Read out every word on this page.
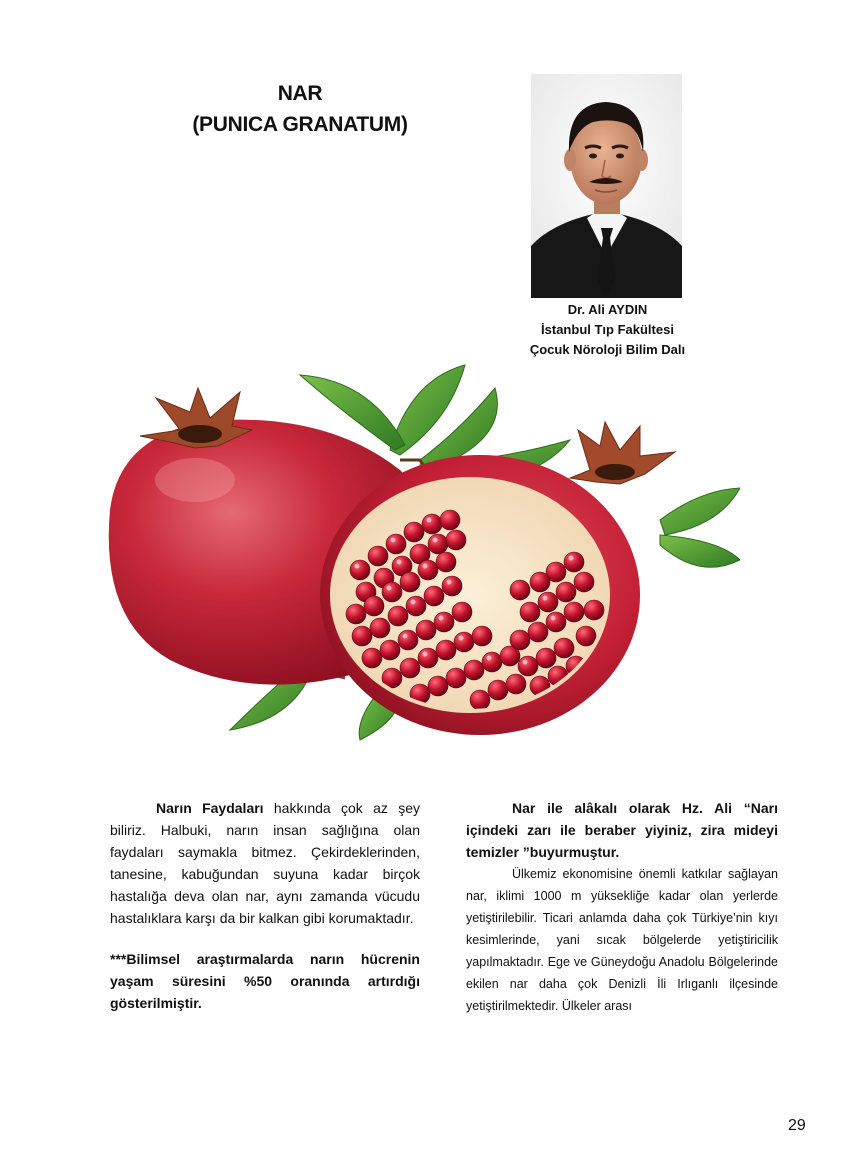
NAR
(PUNICA GRANATUM)
Dr. Ali AYDIN
İstanbul Tıp Fakültesi
Çocuk Nöroloji Bilim Dalı

Narın Faydaları hakkında çok az şey biliriz. Halbuki, narın insan sağlığına olan faydaları saymakla bitmez. Çekirdeklerinden, tanesine, kabuğundan suyuna kadar birçok hastalığa deva olan nar, aynı zamanda vücudu hastalıklara karşı da bir kalkan gibi korumaktadır.

***Bilimsel araştırmalarda narın hücrenin yaşam süresini %50 oranında artırdığı gösterilmiştir.

Nar ile alâkalı olarak Hz. Ali “Narı içindeki zarı ile beraber yiyiniz, zira mideyi temizler ”buyurmuştur.

Ülkemiz ekonomisine önemli katkılar sağlayan nar, iklimi 1000 m yüksekliğe kadar olan yerlerde yetiştirilebilir. Ticari anlamda daha çok Türkiye’nin kıyı kesimlerinde, yani sıcak bölgelerde yetiştiricilik yapılmaktadır. Ege ve Güneydoğu Anadolu Bölgelerinde ekilen nar daha çok Denizli İli Irlıganlı ilçesinde yetiştirilmektedir. Ülkeler arası

29
